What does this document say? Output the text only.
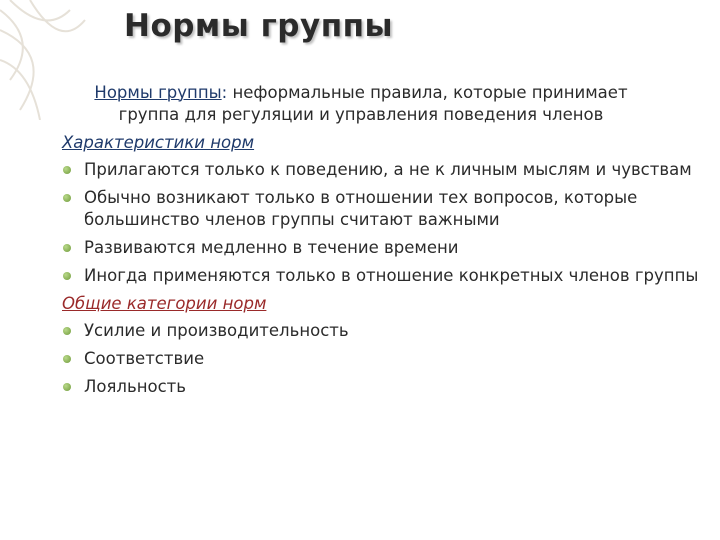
Нормы группы
Нормы группы: неформальные правила, которые принимает группа для регуляции и управления поведения членов
Характеристики норм
Прилагаются только к поведению, а не к личным мыслям и чувствам
Обычно возникают только в отношении тех вопросов, которые большинство членов группы считают важными
Развиваются медленно в течение времени
Иногда применяются только в отношение конкретных членов группы
Общие категории норм
Усилие и производительность
Соответствие
Лояльность
